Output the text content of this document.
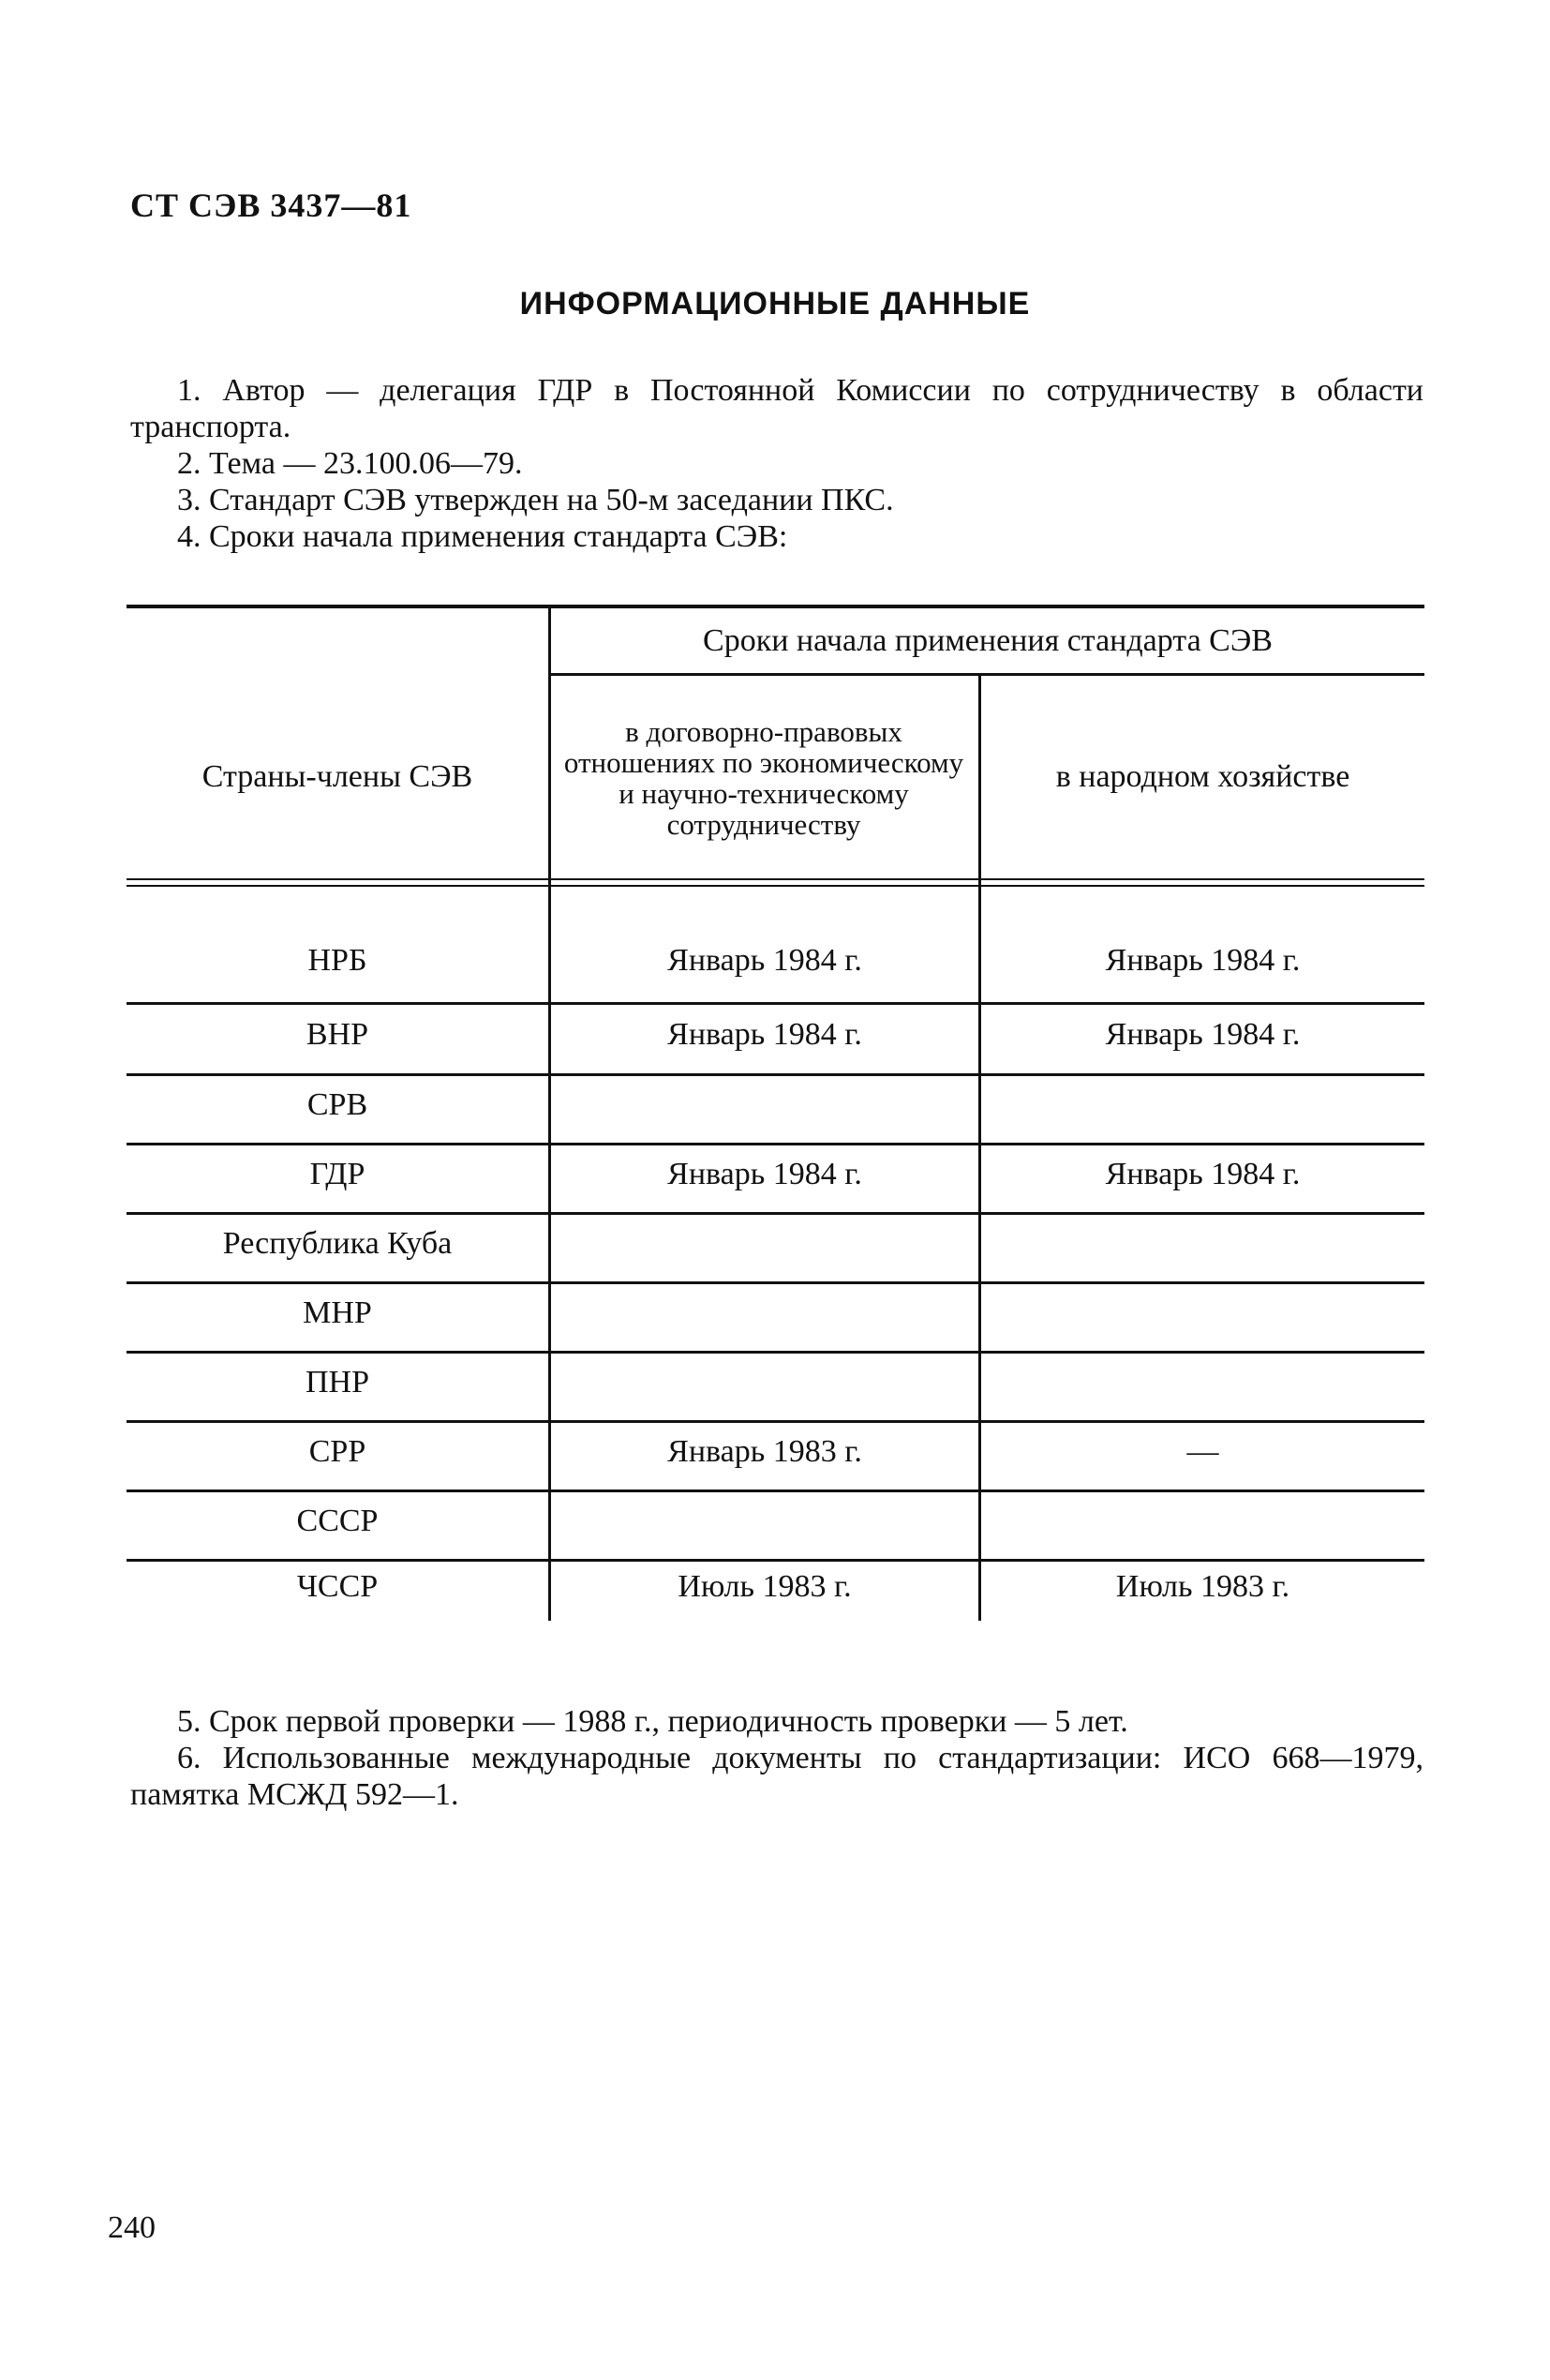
СТ СЭВ 3437—81
ИНФОРМАЦИОННЫЕ ДАННЫЕ
1. Автор — делегация ГДР в Постоянной Комиссии по сотрудничеству в области транспорта.
2. Тема — 23.100.06—79.
3. Стандарт СЭВ утвержден на 50-м заседании ПКС.
4. Сроки начала применения стандарта СЭВ:
Страны-члены СЭВ
Сроки начала применения стандарта СЭВ
в договорно-правовых отношениях по экономическому и научно-техническому сотрудничеству
в народном хозяйстве
НРБ	Январь 1984 г.	Январь 1984 г.
ВНР	Январь 1984 г.	Январь 1984 г.
СРВ
ГДР	Январь 1984 г.	Январь 1984 г.
Республика Куба
МНР
ПНР
СРР	Январь 1983 г.	—
СССР
ЧССР	Июль 1983 г.	Июль 1983 г.
5. Срок первой проверки — 1988 г., периодичность проверки — 5 лет.
6. Использованные международные документы по стандартизации: ИСО 668—1979, памятка МСЖД 592—1.
240
